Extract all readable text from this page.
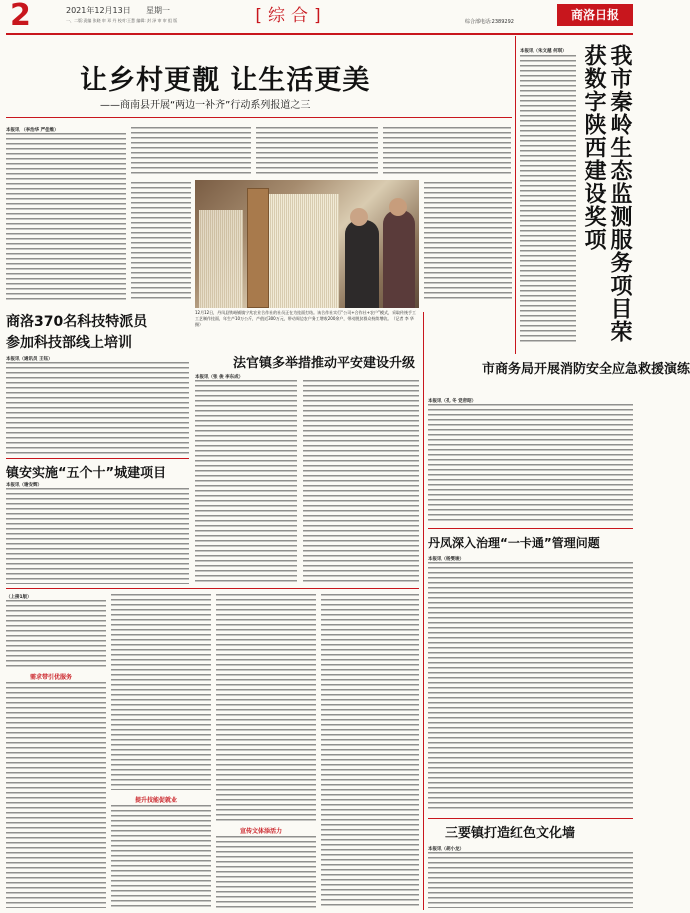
2	2021年12月13日 星期一
一、二版:责编 张晓 审 邓 丹 校对:王慧 编辑: 封 泽 审 审 组 版	[综合]	综合部电话:2389292	商洛日报
让乡村更靓 让生活更美
——商南县开展“两边一补齐”行动系列报道之三
本报讯 （李治华 严佳维）
12月12日，丹凤县铁峪铺镇宁兆农业合作社的社员正在为挂面打结。该合作社实行“公司+合作社+农户”模式，采取传统手工工艺制作挂面，年生产10万公斤，产值近300万元，带动周边农户务工增收200余户，带动脱贫群众持续增收。（记者 李 华 摄）
本报讯（朱文越 何琪）	我市秦岭生态监测服务项目荣获数字陕西建设奖项
商洛370名科技特派员
参加科技部线上培训
本报讯（通讯员 王钰）
镇安实施“五个十”城建项目
本报讯（谢安辉）
法官镇多举措推动平安建设升级
本报讯（张 俊 李东成）
市商务局开展消防安全应急救援演练
本报讯（孔 冬 党帝昭）
丹凤深入治理“一卡通”管理问题
本报讯（杨雯竣）
三要镇打造红色文化墙
本报讯（胡小龙）
（上接1版）
需求带引优服务
提升技能促就业
宣传文体添活力
